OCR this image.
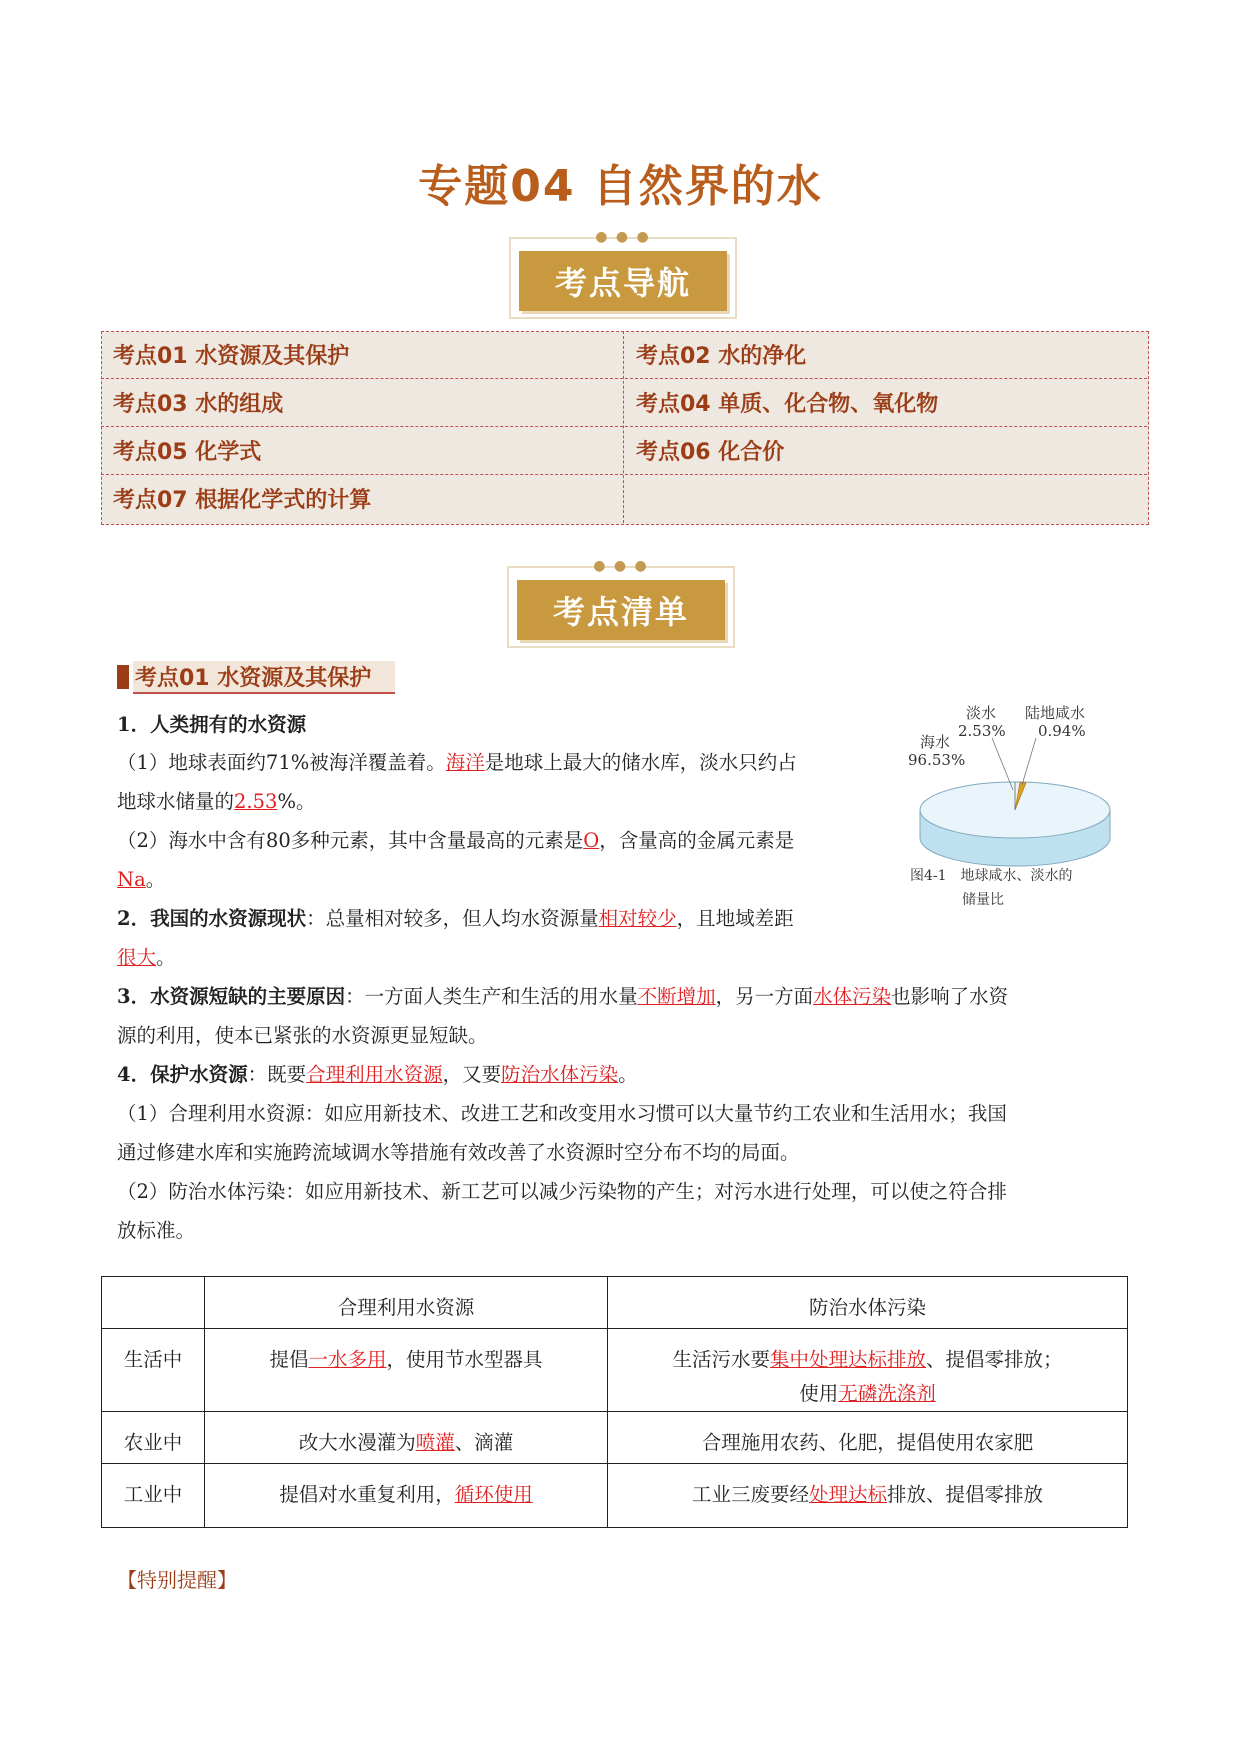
专题04 自然界的水
● ● ●
考点导航
考点01 水资源及其保护	考点02 水的净化
考点03 水的组成	考点04 单质、化合物、氧化物
考点05 化学式	考点06 化合价
考点07 根据化学式的计算
● ● ●
考点清单
考点01 水资源及其保护
1．人类拥有的水资源
（1）地球表面约71%被海洋覆盖着。海洋是地球上最大的储水库，淡水只约占
地球水储量的2.53%。
（2）海水中含有80多种元素，其中含量最高的元素是O，含量高的金属元素是
Na。
2．我国的水资源现状：总量相对较多，但人均水资源量相对较少，且地域差距
很大。
3．水资源短缺的主要原因：一方面人类生产和生活的用水量不断增加，另一方面水体污染也影响了水资
源的利用，使本已紧张的水资源更显短缺。
4．保护水资源：既要合理利用水资源，又要防治水体污染。
（1）合理利用水资源：如应用新技术、改进工艺和改变用水习惯可以大量节约工农业和生活用水；我国
通过修建水库和实施跨流域调水等措施有效改善了水资源时空分布不均的局面。
（2）防治水体污染：如应用新技术、新工艺可以减少污染物的产生；对污水进行处理，可以使之符合排
放标准。
淡水
2.53%
陆地咸水
0.94%
海水
96.53%
图4-1　地球咸水、淡水的
储量比
	合理利用水资源	防治水体污染
生活中	提倡一水多用，使用节水型器具	生活污水要集中处理达标排放、提倡零排放；
使用无磷洗涤剂
农业中	改大水漫灌为喷灌、滴灌	合理施用农药、化肥，提倡使用农家肥
工业中	提倡对水重复利用，循环使用	工业三废要经处理达标排放、提倡零排放
【特别提醒】
